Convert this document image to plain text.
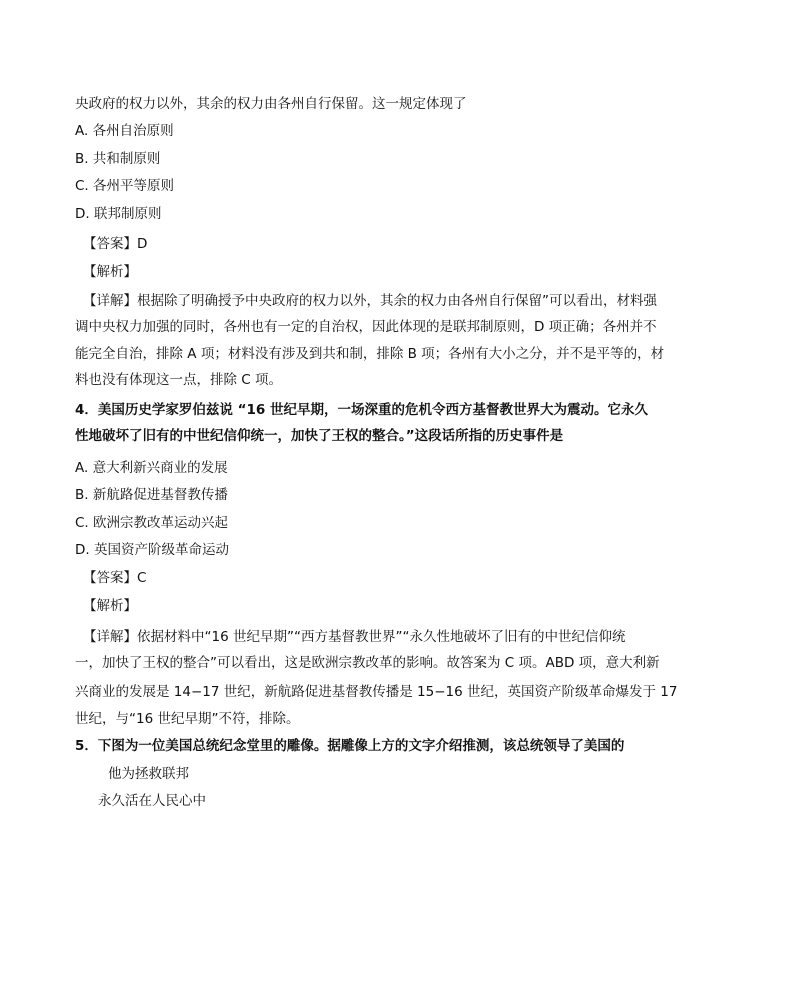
央政府的权力以外，其余的权力由各州自行保留。这一规定体现了
A. 各州自治原则
B. 共和制原则
C. 各州平等原则
D. 联邦制原则
【答案】D
【解析】
【详解】根据除了明确授予中央政府的权力以外，其余的权力由各州自行保留”可以看出，材料强
调中央权力加强的同时，各州也有一定的自治权，因此体现的是联邦制原则，D 项正确；各州并不
能完全自治，排除 A 项；材料没有涉及到共和制，排除 B 项；各州有大小之分，并不是平等的，材
料也没有体现这一点，排除 C 项。
4．美国历史学家罗伯兹说 “16 世纪早期，一场深重的危机令西方基督教世界大为震动。它永久
性地破坏了旧有的中世纪信仰统一，加快了王权的整合。”这段话所指的历史事件是
A. 意大利新兴商业的发展
B. 新航路促进基督教传播
C. 欧洲宗教改革运动兴起
D. 英国资产阶级革命运动
【答案】C
【解析】
【详解】依据材料中“16 世纪早期”“西方基督教世界”“永久性地破坏了旧有的中世纪信仰统
一，加快了王权的整合”可以看出，这是欧洲宗教改革的影响。故答案为 C 项。ABD 项，意大利新
兴商业的发展是 14−17 世纪，新航路促进基督教传播是 15−16 世纪，英国资产阶级革命爆发于 17
世纪，与“16 世纪早期”不符，排除。
5．下图为一位美国总统纪念堂里的雕像。据雕像上方的文字介绍推测，该总统领导了美国的
他为拯救联邦
永久活在人民心中
